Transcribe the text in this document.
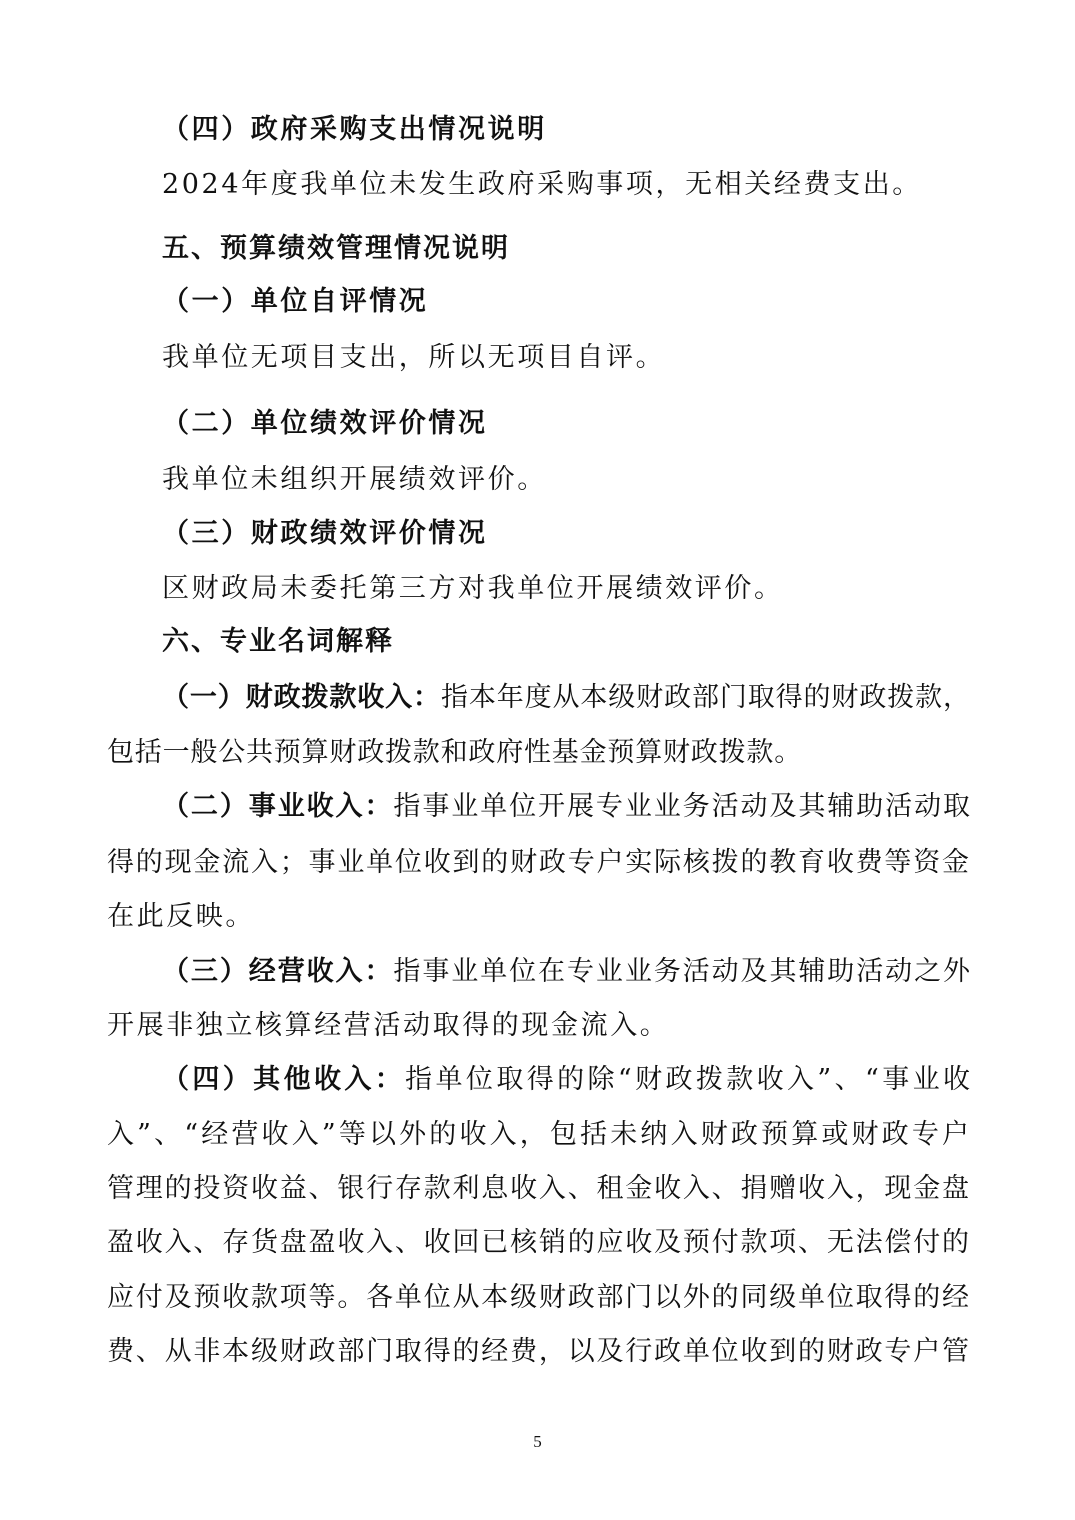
（四）政府采购支出情况说明
2024年度我单位未发生政府采购事项，无相关经费支出。
五、预算绩效管理情况说明
（一）单位自评情况
我单位无项目支出，所以无项目自评。
（二）单位绩效评价情况
我单位未组织开展绩效评价。
（三）财政绩效评价情况
区财政局未委托第三方对我单位开展绩效评价。
六、专业名词解释
（一）财政拨款收入：指本年度从本级财政部门取得的财政拨款，
包括一般公共预算财政拨款和政府性基金预算财政拨款。
（二）事业收入：指事业单位开展专业业务活动及其辅助活动取
得的现金流入；事业单位收到的财政专户实际核拨的教育收费等资金
在此反映。
（三）经营收入：指事业单位在专业业务活动及其辅助活动之外
开展非独立核算经营活动取得的现金流入。
（四）其他收入：指单位取得的除“财政拨款收入”、“事业收
入”、“经营收入”等以外的收入，包括未纳入财政预算或财政专户
管理的投资收益、银行存款利息收入、租金收入、捐赠收入，现金盘
盈收入、存货盘盈收入、收回已核销的应收及预付款项、无法偿付的
应付及预收款项等。各单位从本级财政部门以外的同级单位取得的经
费、从非本级财政部门取得的经费，以及行政单位收到的财政专户管
5
